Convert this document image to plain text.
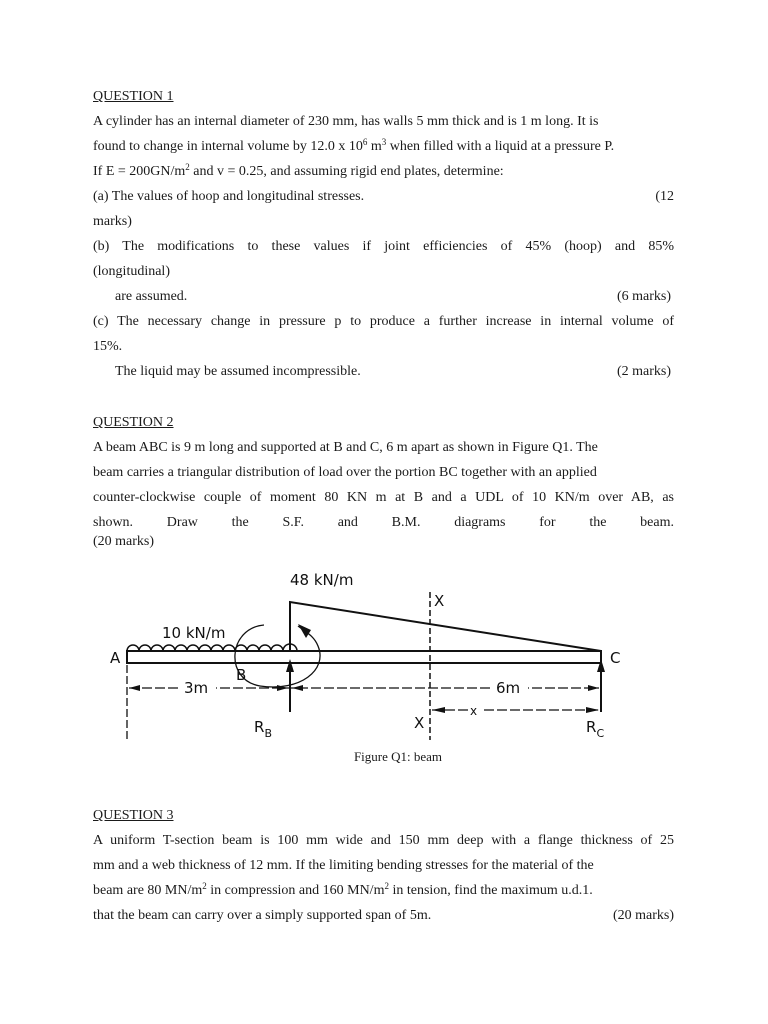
QUESTION 1
A cylinder has an internal diameter of 230 mm, has walls 5 mm thick and is 1 m long. It is
found to change in internal volume by 12.0 x $10^6$ $m^3$ when filled with a liquid at a pressure P.
If $E = 200GN/m^2$ and v = 0.25, and assuming rigid end plates, determine:
(a) The values of hoop and longitudinal stresses.	(12
marks)
(b) The modifications to these values if joint efficiencies of 45% (hoop) and 85%
(longitudinal)
are assumed.	(6 marks)
(c) The necessary change in pressure p to produce a further increase in internal volume of
15%.
The liquid may be assumed incompressible.	(2 marks)
QUESTION 2
A beam ABC is 9 m long and supported at B and C, 6 m apart as shown in Figure Q1. The
beam carries a triangular distribution of load over the portion BC together with an applied
counter-clockwise couple of moment 80 KN m at B and a UDL of 10 KN/m over AB, as
shown. Draw the S.F. and B.M. diagrams for the beam.
(20 marks)
48 kN/m
10 kN/m
A
B
C
X
X
3m	6m
x
$R_B$	$R_C$
Figure Q1: beam
QUESTION 3
A uniform T-section beam is 100 mm wide and 150 mm deep with a flange thickness of 25
mm and a web thickness of 12 mm. If the limiting bending stresses for the material of the
beam are 80 $MN/m^2$ in compression and 160 $MN/m^2$ in tension, find the maximum u.d.1.
that the beam can carry over a simply supported span of 5m.	(20 marks)
